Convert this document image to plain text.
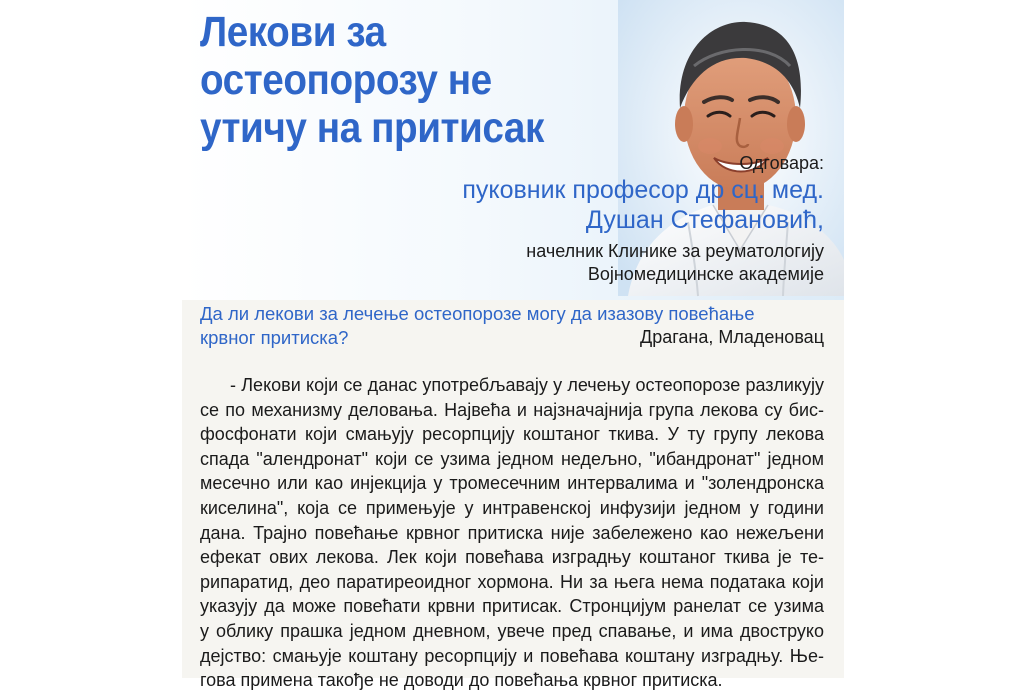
Лекови за остеопорозу не утичу на притисак
Одговара:

пуковник професор др сц. мед.
Душан Стефановић,

начелник Клинике за реуматологију
Војномедицинске академије

Да ли лекови за лечење остеопорозе могу да изазову повећање
крвног притиска?	Драгана, Младеновац
- Лекови који се данас употребљавају у лечењу остеопорозе разликују
се по механизму деловања. Највећа и најзначајнија група лекова су бис-
фосфонати који смањују ресорпцију коштаног ткива. У ту групу лекова
спада "алендронат" који се узима једном недељно, "ибандронат" једном
месечно или као инјекција у тромесечним интервалима и "золендронска
киселина", која се примењује у интравенској инфузији једном у години
дана. Трајно повећање крвног притиска није забележено као нежељени
ефекат ових лекова. Лек који повећава изградњу коштаног ткива је те-
рипаратид, део паратиреоидног хормона. Ни за њега нема података који
указују да може повећати крвни притисак. Стронцијум ранелат се узима
у облику прашка једном дневном, увече пред спавање, и има двоструко
дејство: смањује коштану ресорпцију и повећава коштану изградњу. Ње-
гова примена такође не доводи до повећања крвног притиска.
